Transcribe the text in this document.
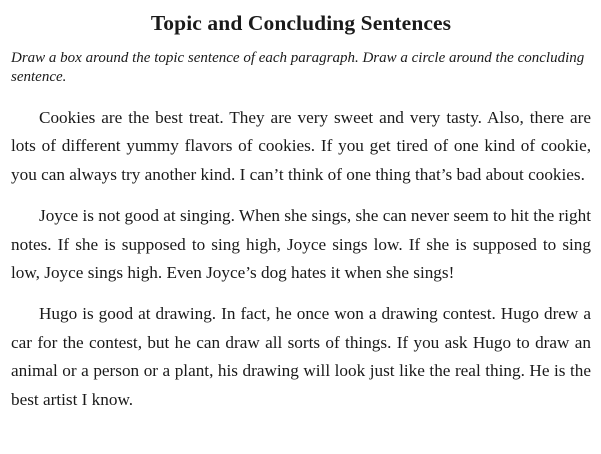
Topic and Concluding Sentences

Draw a box around the topic sentence of each paragraph. Draw a circle around the concluding sentence.

Cookies are the best treat. They are very sweet and very tasty. Also, there are lots of different yummy flavors of cookies. If you get tired of one kind of cookie, you can always try another kind. I can’t think of one thing that’s bad about cookies.

Joyce is not good at singing. When she sings, she can never seem to hit the right notes. If she is supposed to sing high, Joyce sings low. If she is supposed to sing low, Joyce sings high. Even Joyce’s dog hates it when she sings!

Hugo is good at drawing. In fact, he once won a drawing contest. Hugo drew a car for the contest, but he can draw all sorts of things. If you ask Hugo to draw an animal or a person or a plant, his drawing will look just like the real thing. He is the best artist I know.
